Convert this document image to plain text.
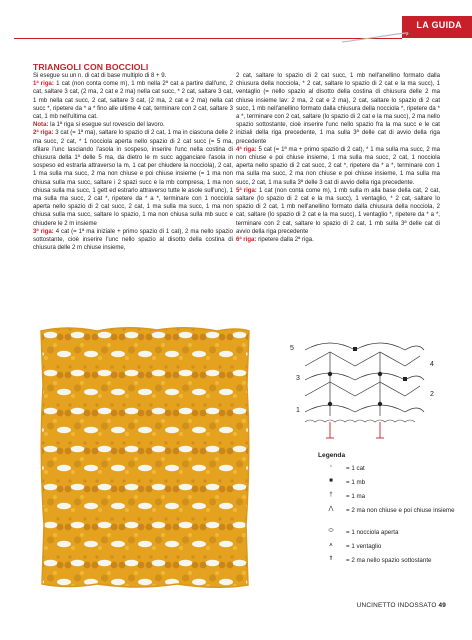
LA GUIDA
TRIANGOLI CON BOCCIOLI

Si esegue su un n. di cat di base multiplo di 8 + 9.

1ª riga: 1 cat (non conta come m), 1 mb nella 2ª cat a partire dall'unc, 2 cat, saltare 3 cat, (2 ma, 2 cat e 2 ma) nella cat succ, * 2 cat, saltare 3 cat, 1 mb nella cat succ, 2 cat, saltare 3 cat, (2 ma, 2 cat e 2 ma) nella cat succ *, ripetere da * a * fino alle ultime 4 cat, terminare con 2 cat, saltare 3 cat, 1 mb nell'ultima cat.

Nota: la 1ª riga si esegue sul rovescio del lavoro.

2ª riga: 3 cat (= 1ª ma), saltare lo spazio di 2 cat, 1 ma in ciascuna delle 2 ma succ, 2 cat, * 1 nocciola aperta nello spazio di 2 cat succ (= 5 ma, sfilare l'unc lasciando l'asola in sospeso, inserire l'unc nella costina di chiusura della 1ª delle 5 ma, da dietro le m succ agganciare l'asola in sospeso ed estrarla attraverso la m, 1 cat per chiudere la nocciola), 2 cat, 1 ma sulla ma succ, 2 ma non chiuse e poi chiuse insieme (= 1 ma non chiusa sulla ma succ, saltare i 2 spazi succ e la mb compresa, 1 ma non chiusa sulla ma succ, 1 gett ed estrarlo attraverso tutte le asole sull'unc), 1 ma sulla ma succ, 2 cat *, ripetere da * a *, terminare con 1 nocciola aperta nello spazio di 2 cat succ, 2 cat, 1 ma sulla ma succ, 1 ma non chiusa sulla ma succ, saltare lo spazio, 1 ma non chiusa sulla mb succ e chiudere le 2 m insieme

3ª riga: 4 cat (= 1ª ma iniziale + primo spazio di 1 cat), 2 ma nello spazio sottostante, cioè inserire l'unc nello spazio al disotto della costina di chiusura delle 2 m chiuse insieme,

2 cat, saltare lo spazio di 2 cat succ, 1 mb nell'anellino formato dalla chiusura della nocciola, * 2 cat, saltare lo spazio di 2 cat e la ma succ), 1 ventaglio (= nello spazio al disotto della costina di chiusura delle 2 ma chiuse insieme lav: 2 ma, 2 cat e 2 ma), 2 cat, saltare lo spazio di 2 cat succ, 1 mb nell'anellino formato dalla chiusura della nocciola *, ripetere da * a *, terminare con 2 cat, saltare (lo spazio di 2 cat e la ma succ), 2 ma nello spazio sottostante, cioè inserire l'unc nello spazio fra la ma succ e le cat iniziali della riga precedente, 1 ma sulla 3ª delle cat di avvio della riga precedente

4ª riga: 5 cat (= 1ª ma + primo spazio di 2 cat), * 1 ma sulla ma succ, 2 ma non chiuse e poi chiuse insieme, 1 ma sulla ma succ, 2 cat, 1 nocciola aperta nello spazio di 2 cat succ, 2 cat *, ripetere da * a *, terminare con 1 ma sulla ma succ, 2 ma non chiuse e poi chiuse insieme, 1 ma sulla ma succ, 2 cat, 1 ma sulla 3ª delle 3 cat di avvio della riga precedente.

5ª riga: 1 cat (non conta come m), 1 mb sulla m alla base della cat, 2 cat, saltare (lo spazio di 2 cat e la ma succ), 1 ventaglio, * 2 cat, saltare lo spazio di 2 cat, 1 mb nell'anellino formato dalla chiusura della nocciola, 2 cat, saltare (lo spazio di 2 cat e la ma succ), 1 ventaglio *, ripetere da * a *, terminare con 2 cat, saltare lo spazio di 2 cat, 1 mb sulla 3ª delle cat di avvio della riga precedente

6ª riga: ripetere dalla 2ª riga.

5
4
3
2
1
Legenda
◦	= 1 cat
■	= 1 mb
†	= 1 ma
⋀	= 2 ma non chiuse e poi chiuse insieme
⬭	= 1 nocciola aperta
⩚	= 1 ventaglio
⇑	= 2 ma nello spazio sottostante
UNCINETTO INDOSSATO 49
